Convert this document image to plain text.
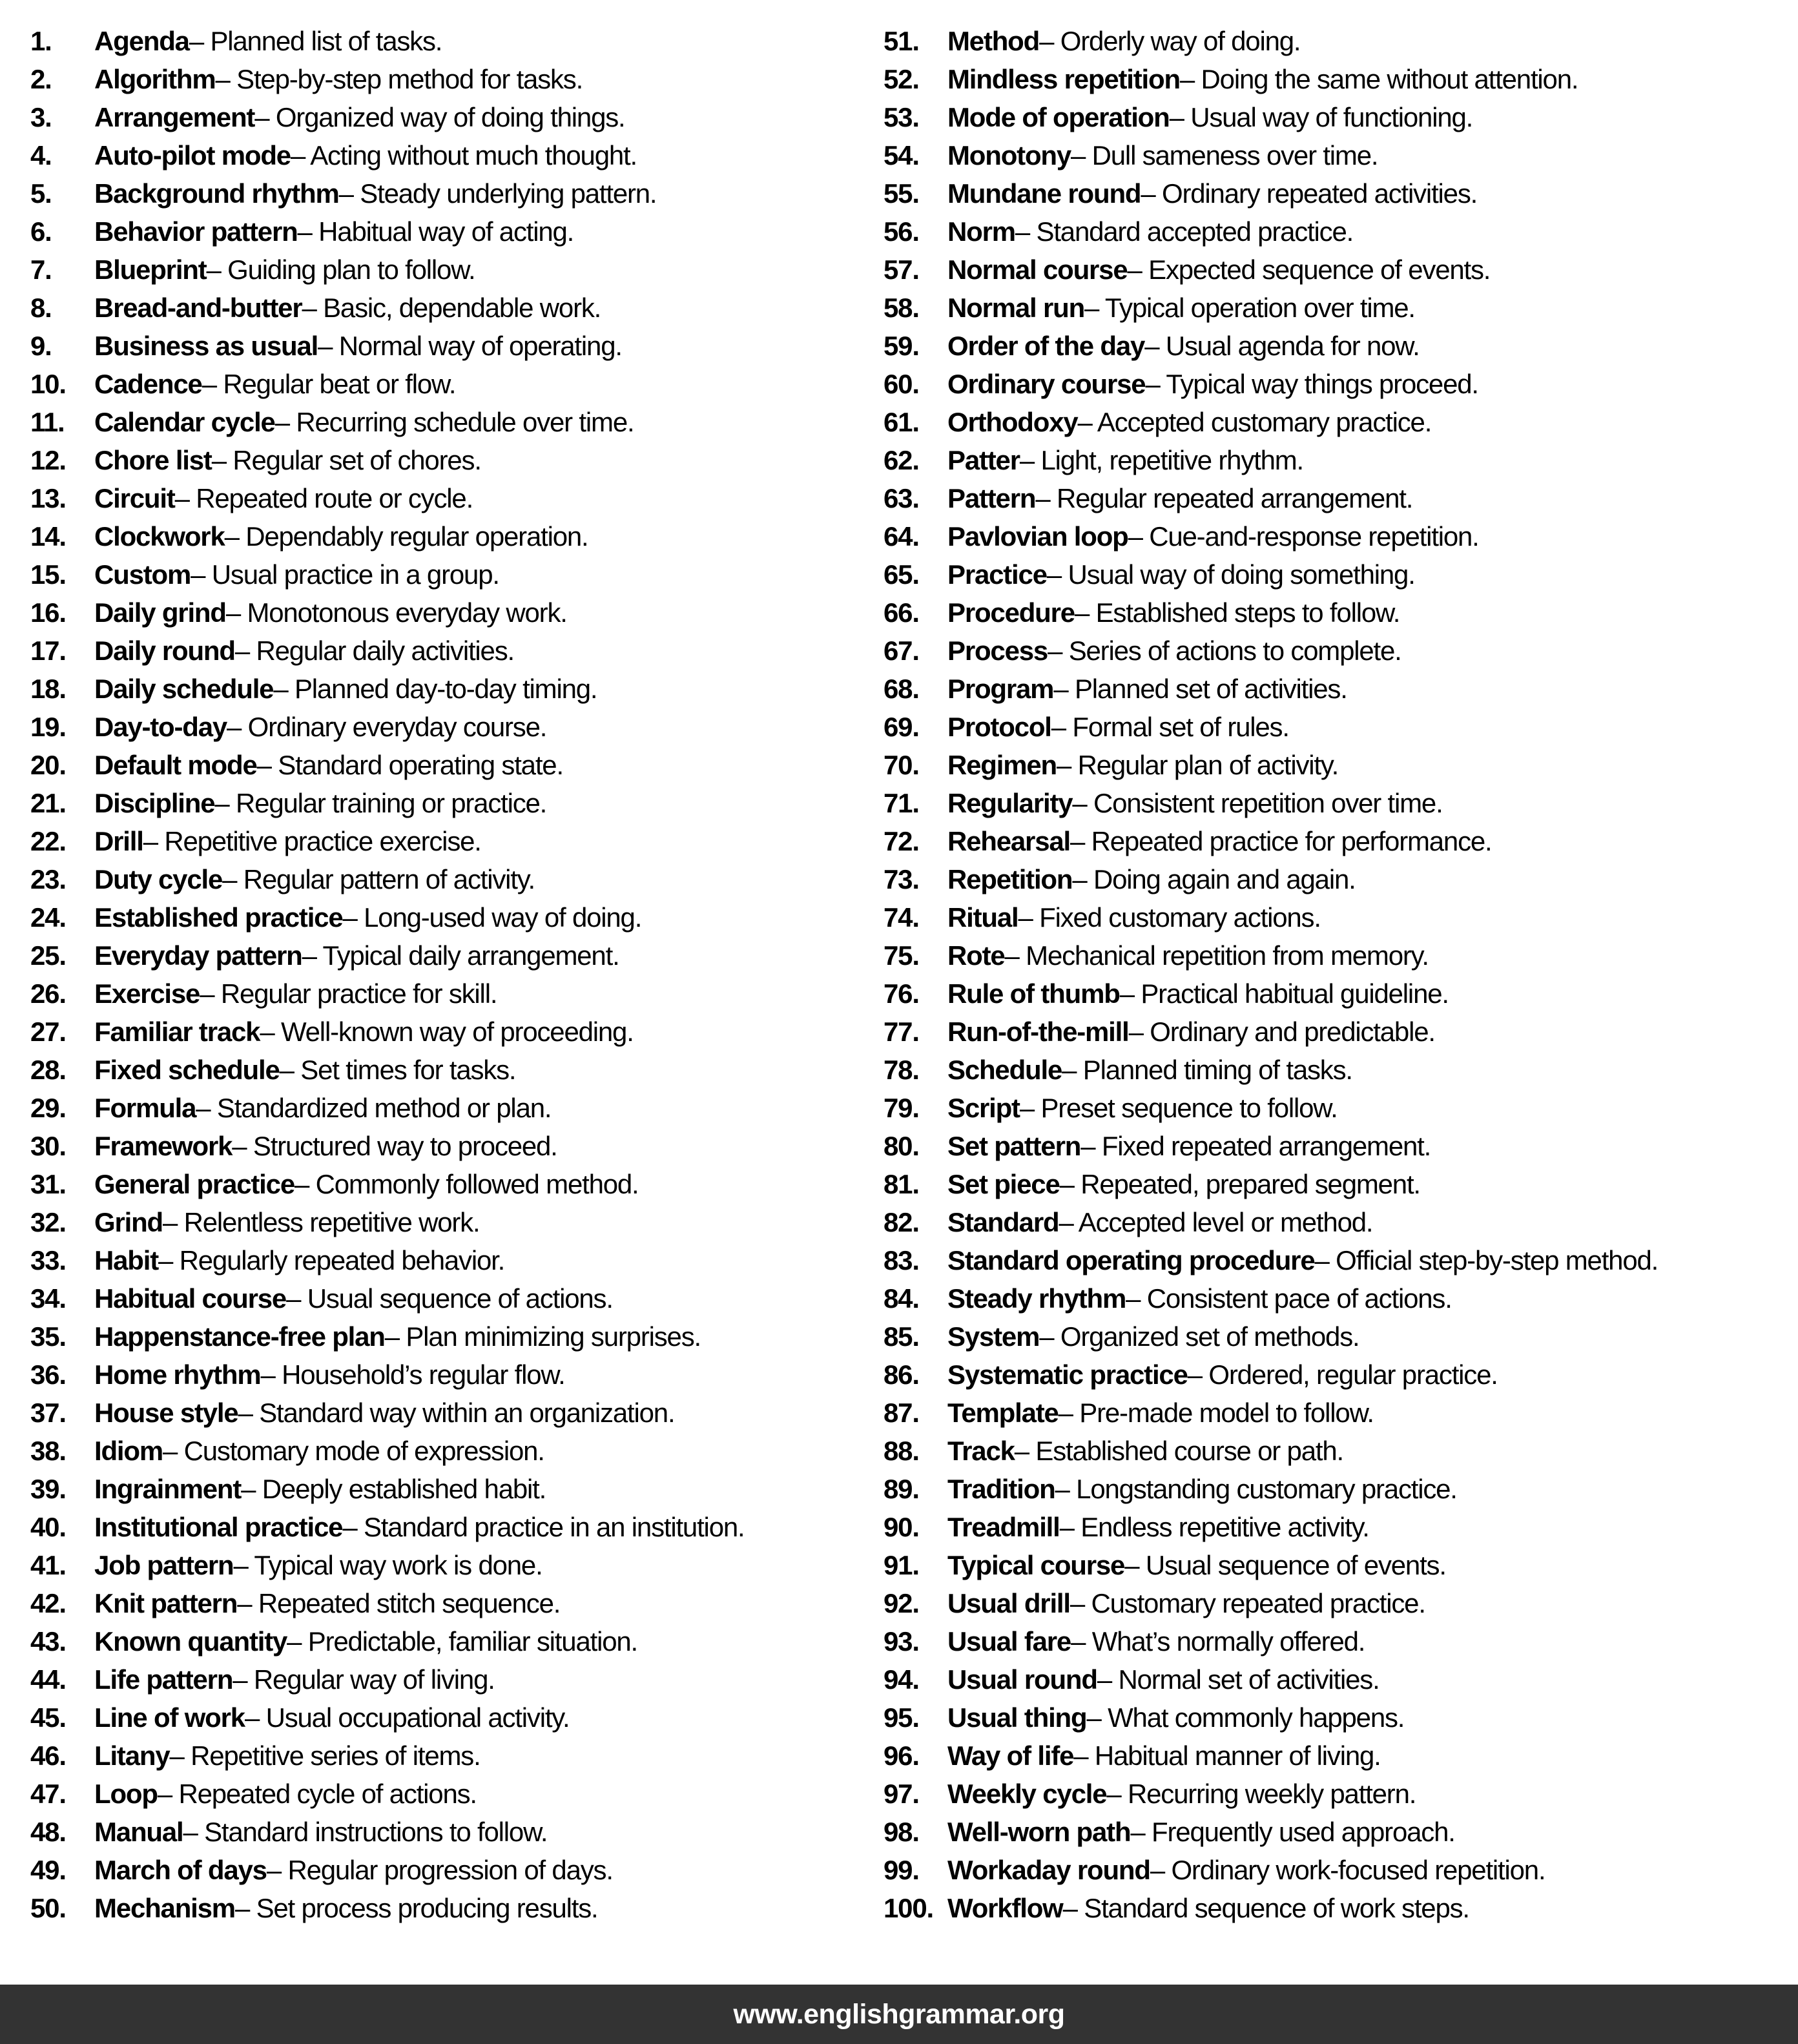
1.	Agenda – Planned list of tasks.
2.	Algorithm – Step-by-step method for tasks.
3.	Arrangement – Organized way of doing things.
4.	Auto-pilot mode – Acting without much thought.
5.	Background rhythm – Steady underlying pattern.
6.	Behavior pattern – Habitual way of acting.
7.	Blueprint – Guiding plan to follow.
8.	Bread-and-butter – Basic, dependable work.
9.	Business as usual – Normal way of operating.
10.	Cadence – Regular beat or flow.
11.	Calendar cycle – Recurring schedule over time.
12.	Chore list – Regular set of chores.
13.	Circuit – Repeated route or cycle.
14.	Clockwork – Dependably regular operation.
15.	Custom – Usual practice in a group.
16.	Daily grind – Monotonous everyday work.
17.	Daily round – Regular daily activities.
18.	Daily schedule – Planned day-to-day timing.
19.	Day-to-day – Ordinary everyday course.
20.	Default mode – Standard operating state.
21.	Discipline – Regular training or practice.
22.	Drill – Repetitive practice exercise.
23.	Duty cycle – Regular pattern of activity.
24.	Established practice – Long-used way of doing.
25.	Everyday pattern – Typical daily arrangement.
26.	Exercise – Regular practice for skill.
27.	Familiar track – Well-known way of proceeding.
28.	Fixed schedule – Set times for tasks.
29.	Formula – Standardized method or plan.
30.	Framework – Structured way to proceed.
31.	General practice – Commonly followed method.
32.	Grind – Relentless repetitive work.
33.	Habit – Regularly repeated behavior.
34.	Habitual course – Usual sequence of actions.
35.	Happenstance-free plan – Plan minimizing surprises.
36.	Home rhythm – Household’s regular flow.
37.	House style – Standard way within an organization.
38.	Idiom – Customary mode of expression.
39.	Ingrainment – Deeply established habit.
40.	Institutional practice – Standard practice in an institution.
41.	Job pattern – Typical way work is done.
42.	Knit pattern – Repeated stitch sequence.
43.	Known quantity – Predictable, familiar situation.
44.	Life pattern – Regular way of living.
45.	Line of work – Usual occupational activity.
46.	Litany – Repetitive series of items.
47.	Loop – Repeated cycle of actions.
48.	Manual – Standard instructions to follow.
49.	March of days – Regular progression of days.
50.	Mechanism – Set process producing results.
51.	Method – Orderly way of doing.
52.	Mindless repetition – Doing the same without attention.
53.	Mode of operation – Usual way of functioning.
54.	Monotony – Dull sameness over time.
55.	Mundane round – Ordinary repeated activities.
56.	Norm – Standard accepted practice.
57.	Normal course – Expected sequence of events.
58.	Normal run – Typical operation over time.
59.	Order of the day – Usual agenda for now.
60.	Ordinary course – Typical way things proceed.
61.	Orthodoxy – Accepted customary practice.
62.	Patter – Light, repetitive rhythm.
63.	Pattern – Regular repeated arrangement.
64.	Pavlovian loop – Cue-and-response repetition.
65.	Practice – Usual way of doing something.
66.	Procedure – Established steps to follow.
67.	Process – Series of actions to complete.
68.	Program – Planned set of activities.
69.	Protocol – Formal set of rules.
70.	Regimen – Regular plan of activity.
71.	Regularity – Consistent repetition over time.
72.	Rehearsal – Repeated practice for performance.
73.	Repetition – Doing again and again.
74.	Ritual – Fixed customary actions.
75.	Rote – Mechanical repetition from memory.
76.	Rule of thumb – Practical habitual guideline.
77.	Run-of-the-mill – Ordinary and predictable.
78.	Schedule – Planned timing of tasks.
79.	Script – Preset sequence to follow.
80.	Set pattern – Fixed repeated arrangement.
81.	Set piece – Repeated, prepared segment.
82.	Standard – Accepted level or method.
83.	Standard operating procedure – Official step-by-step method.
84.	Steady rhythm – Consistent pace of actions.
85.	System – Organized set of methods.
86.	Systematic practice – Ordered, regular practice.
87.	Template – Pre-made model to follow.
88.	Track – Established course or path.
89.	Tradition – Longstanding customary practice.
90.	Treadmill – Endless repetitive activity.
91.	Typical course – Usual sequence of events.
92.	Usual drill – Customary repeated practice.
93.	Usual fare – What’s normally offered.
94.	Usual round – Normal set of activities.
95.	Usual thing – What commonly happens.
96.	Way of life – Habitual manner of living.
97.	Weekly cycle – Recurring weekly pattern.
98.	Well-worn path – Frequently used approach.
99.	Workaday round – Ordinary work-focused repetition.
100. Workflow – Standard sequence of work steps.
www.englishgrammar.org
